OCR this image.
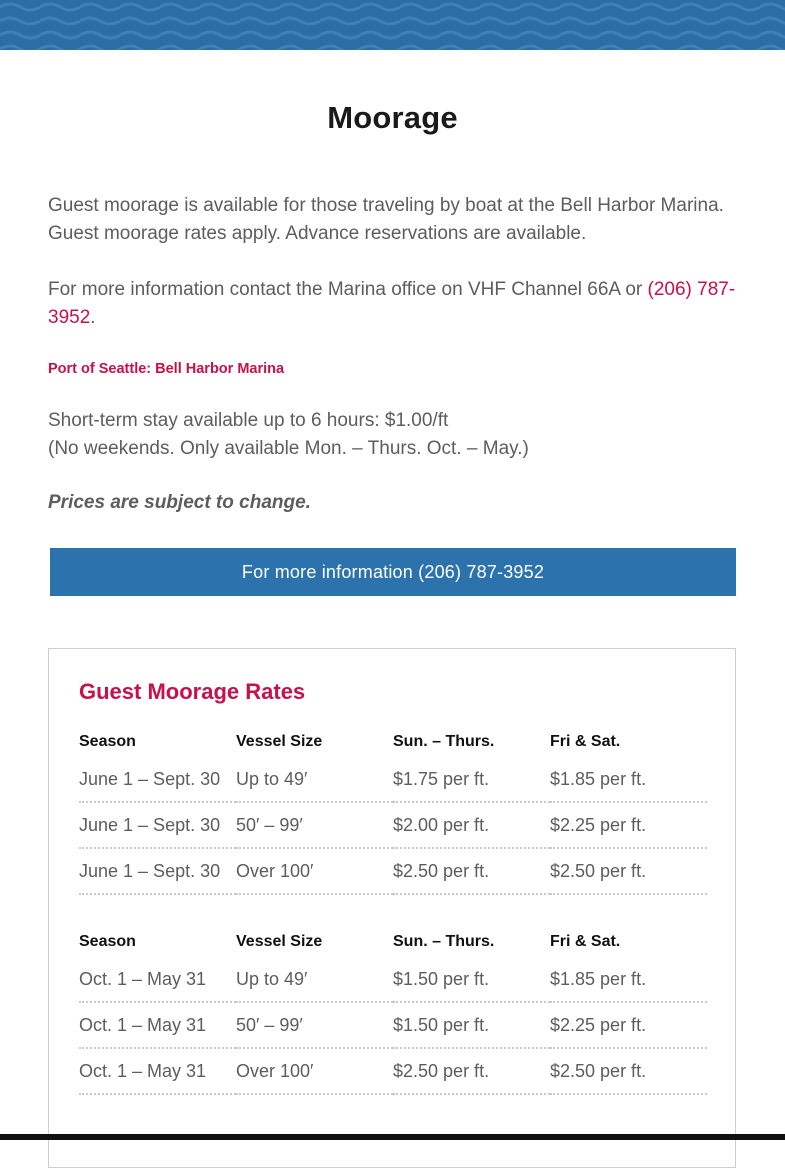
Moorage

Guest moorage is available for those traveling by boat at the Bell Harbor Marina. Guest moorage rates apply. Advance reservations are available.

For more information contact the Marina office on VHF Channel 66A or (206) 787-3952.

Port of Seattle: Bell Harbor Marina

Short-term stay available up to 6 hours: $1.00/ft
(No weekends. Only available Mon. – Thurs. Oct. – May.)

Prices are subject to change.

For more information (206) 787-3952
Guest Moorage Rates
Season	Vessel Size	Sun. – Thurs.	Fri & Sat.

June 1 – Sept. 30	Up to 49′	$1.75 per ft.	$1.85 per ft.

June 1 – Sept. 30	50′ – 99′	$2.00 per ft.	$2.25 per ft.

June 1 – Sept. 30	Over 100′	$2.50 per ft.	$2.50 per ft.
Season	Vessel Size	Sun. – Thurs.	Fri & Sat.

Oct. 1 – May 31	Up to 49′	$1.50 per ft.	$1.85 per ft.

Oct. 1 – May 31	50′ – 99′	$1.50 per ft.	$2.25 per ft.

Oct. 1 – May 31	Over 100′	$2.50 per ft.	$2.50 per ft.
